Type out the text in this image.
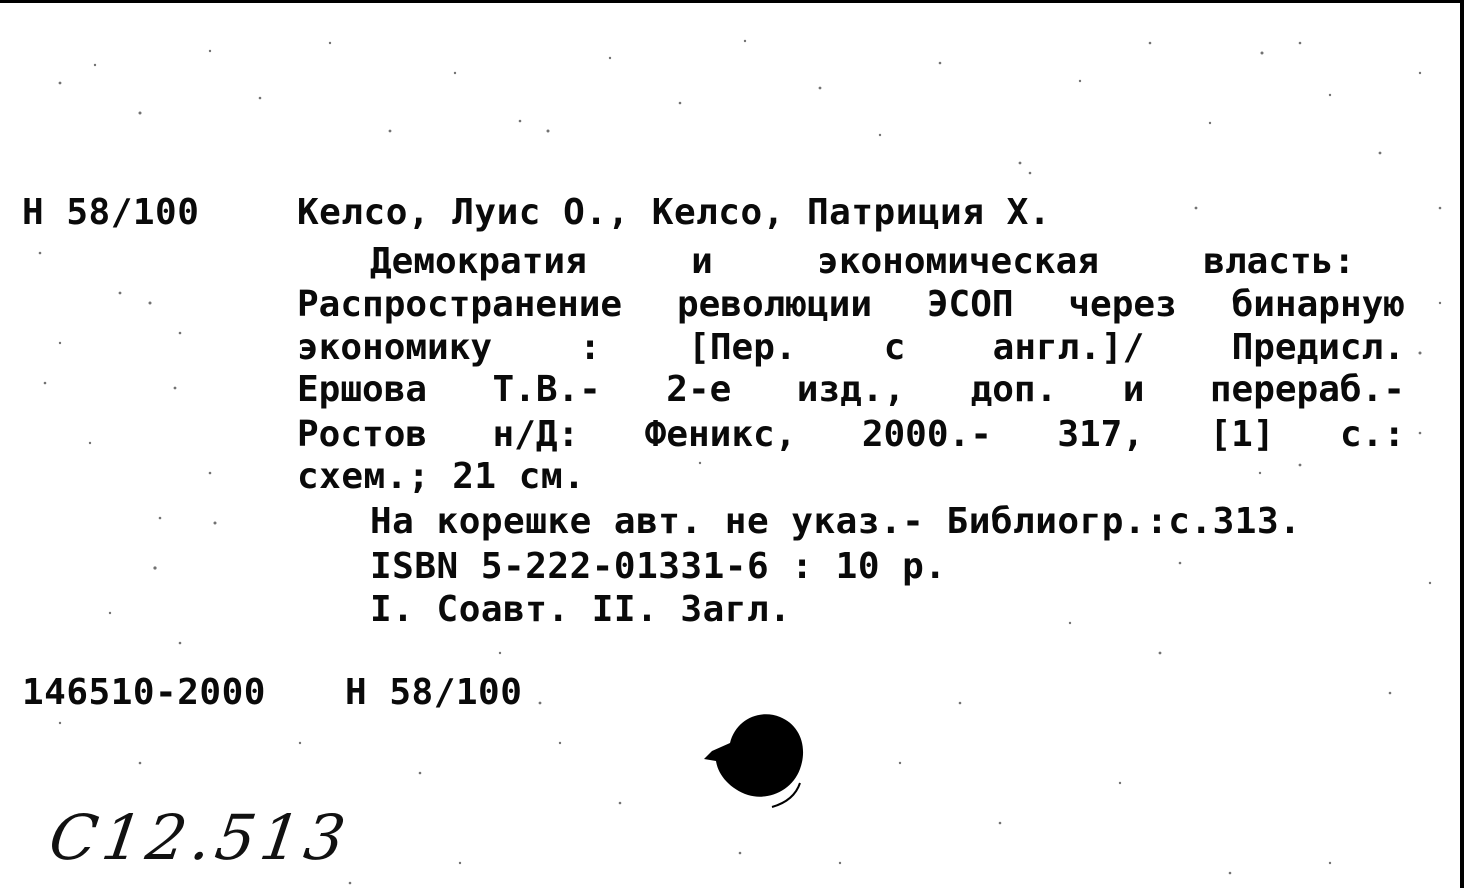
Н 58/100	Келсо, Луис О., Келсо, Патриция Х.

Демократия	и	экономическая	власть:
Распространение революции ЭСОП через бинарную
экономику : [Пер. с англ.]/ Предисл.
Ершова Т.В.- 2-е изд., доп. и перераб.-
Ростов н/Д: Феникс, 2000.- 317, [1] с.:

схем.; 21 см.

На корешке авт. не указ.- Библиогр.:с.313.

ISBN 5-222-01331-6 : 10 р.

I. Соавт. II. Загл.

146510-2000 Н 58/100

С12.513
